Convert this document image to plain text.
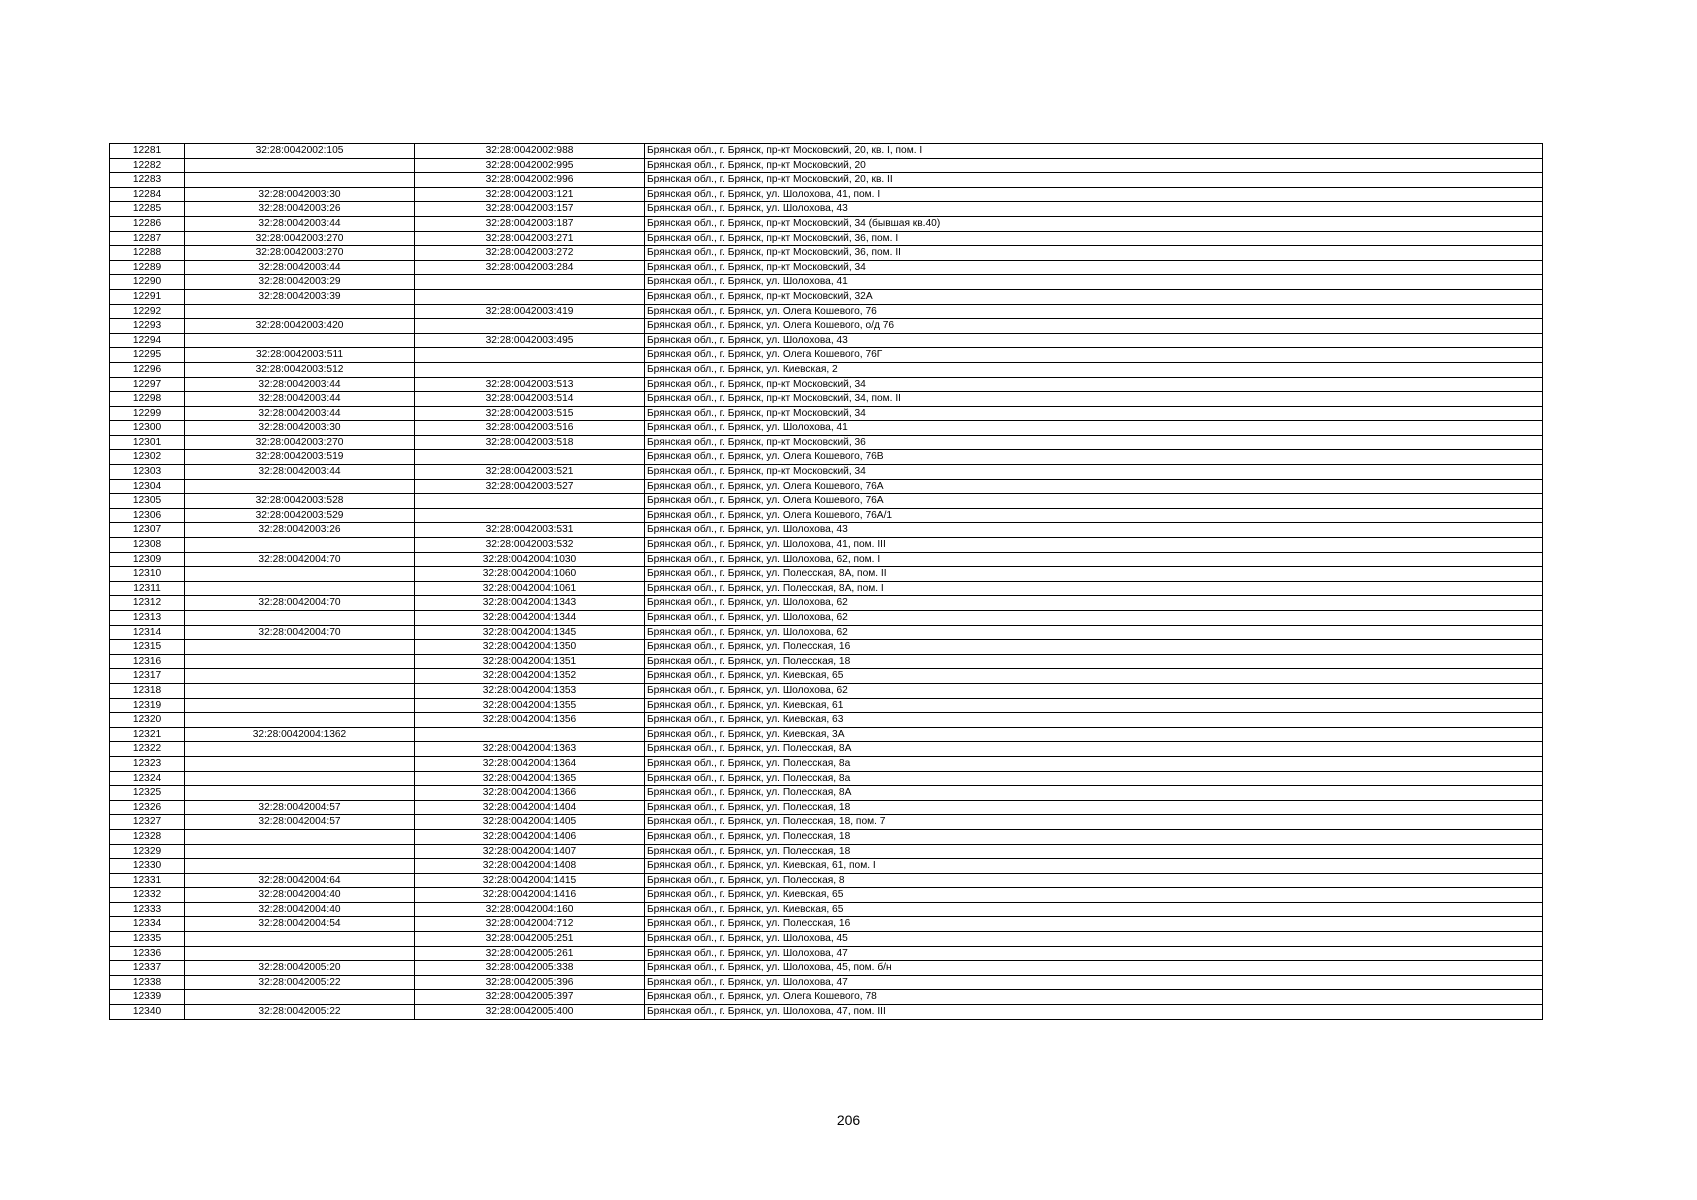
12281	32:28:0042002:105	32:28:0042002:988	Брянская обл., г. Брянск, пр-кт Московский, 20, кв. I, пом. I
12282		32:28:0042002:995	Брянская обл., г. Брянск, пр-кт Московский, 20
12283		32:28:0042002:996	Брянская обл., г. Брянск, пр-кт Московский, 20, кв. II
12284	32:28:0042003:30	32:28:0042003:121	Брянская обл., г. Брянск, ул. Шолохова, 41, пом. I
12285	32:28:0042003:26	32:28:0042003:157	Брянская обл., г. Брянск, ул. Шолохова, 43
12286	32:28:0042003:44	32:28:0042003:187	Брянская обл., г. Брянск, пр-кт Московский, 34 (бывшая кв.40)
12287	32:28:0042003:270	32:28:0042003:271	Брянская обл., г. Брянск, пр-кт Московский, 36, пом. I
12288	32:28:0042003:270	32:28:0042003:272	Брянская обл., г. Брянск, пр-кт Московский, 36, пом. II
12289	32:28:0042003:44	32:28:0042003:284	Брянская обл., г. Брянск, пр-кт Московский, 34
12290	32:28:0042003:29		Брянская обл., г. Брянск, ул. Шолохова, 41
12291	32:28:0042003:39		Брянская обл., г. Брянск, пр-кт Московский, 32А
12292		32:28:0042003:419	Брянская обл., г. Брянск, ул. Олега Кошевого, 76
12293	32:28:0042003:420		Брянская обл., г. Брянск, ул. Олега Кошевого, о/д 76
12294		32:28:0042003:495	Брянская обл., г. Брянск, ул. Шолохова, 43
12295	32:28:0042003:511		Брянская обл., г. Брянск, ул. Олега Кошевого, 76Г
12296	32:28:0042003:512		Брянская обл., г. Брянск, ул. Киевская, 2
12297	32:28:0042003:44	32:28:0042003:513	Брянская обл., г. Брянск, пр-кт Московский, 34
12298	32:28:0042003:44	32:28:0042003:514	Брянская обл., г. Брянск, пр-кт Московский, 34, пом. II
12299	32:28:0042003:44	32:28:0042003:515	Брянская обл., г. Брянск, пр-кт Московский, 34
12300	32:28:0042003:30	32:28:0042003:516	Брянская обл., г. Брянск, ул. Шолохова, 41
12301	32:28:0042003:270	32:28:0042003:518	Брянская обл., г. Брянск, пр-кт Московский, 36
12302	32:28:0042003:519		Брянская обл., г. Брянск, ул. Олега Кошевого, 76В
12303	32:28:0042003:44	32:28:0042003:521	Брянская обл., г. Брянск, пр-кт Московский, 34
12304		32:28:0042003:527	Брянская обл., г. Брянск, ул. Олега Кошевого, 76А
12305	32:28:0042003:528		Брянская обл., г. Брянск, ул. Олега Кошевого, 76А
12306	32:28:0042003:529		Брянская обл., г. Брянск, ул. Олега Кошевого, 76А/1
12307	32:28:0042003:26	32:28:0042003:531	Брянская обл., г. Брянск, ул. Шолохова, 43
12308		32:28:0042003:532	Брянская обл., г. Брянск, ул. Шолохова, 41, пом. III
12309	32:28:0042004:70	32:28:0042004:1030	Брянская обл., г. Брянск, ул. Шолохова, 62, пом. I
12310		32:28:0042004:1060	Брянская обл., г. Брянск, ул. Полесская, 8А, пом. II
12311		32:28:0042004:1061	Брянская обл., г. Брянск, ул. Полесская, 8А, пом. I
12312	32:28:0042004:70	32:28:0042004:1343	Брянская обл., г. Брянск, ул. Шолохова, 62
12313		32:28:0042004:1344	Брянская обл., г. Брянск, ул. Шолохова, 62
12314	32:28:0042004:70	32:28:0042004:1345	Брянская обл., г. Брянск, ул. Шолохова, 62
12315		32:28:0042004:1350	Брянская обл., г. Брянск, ул. Полесская, 16
12316		32:28:0042004:1351	Брянская обл., г. Брянск, ул. Полесская, 18
12317		32:28:0042004:1352	Брянская обл., г. Брянск, ул. Киевская, 65
12318		32:28:0042004:1353	Брянская обл., г. Брянск, ул. Шолохова, 62
12319		32:28:0042004:1355	Брянская обл., г. Брянск, ул. Киевская, 61
12320		32:28:0042004:1356	Брянская обл., г. Брянск, ул. Киевская, 63
12321	32:28:0042004:1362		Брянская обл., г. Брянск, ул. Киевская, 3А
12322		32:28:0042004:1363	Брянская обл., г. Брянск, ул. Полесская, 8А
12323		32:28:0042004:1364	Брянская обл., г. Брянск, ул. Полесская, 8а
12324		32:28:0042004:1365	Брянская обл., г. Брянск, ул. Полесская, 8а
12325		32:28:0042004:1366	Брянская обл., г. Брянск, ул. Полесская, 8А
12326	32:28:0042004:57	32:28:0042004:1404	Брянская обл., г. Брянск, ул. Полесская, 18
12327	32:28:0042004:57	32:28:0042004:1405	Брянская обл., г. Брянск, ул. Полесская, 18, пом. 7
12328		32:28:0042004:1406	Брянская обл., г. Брянск, ул. Полесская, 18
12329		32:28:0042004:1407	Брянская обл., г. Брянск, ул. Полесская, 18
12330		32:28:0042004:1408	Брянская обл., г. Брянск, ул. Киевская, 61, пом. I
12331	32:28:0042004:64	32:28:0042004:1415	Брянская обл., г. Брянск, ул. Полесская, 8
12332	32:28:0042004:40	32:28:0042004:1416	Брянская обл., г. Брянск, ул. Киевская, 65
12333	32:28:0042004:40	32:28:0042004:160	Брянская обл., г. Брянск, ул. Киевская, 65
12334	32:28:0042004:54	32:28:0042004:712	Брянская обл., г. Брянск, ул. Полесская, 16
12335		32:28:0042005:251	Брянская обл., г. Брянск, ул. Шолохова, 45
12336		32:28:0042005:261	Брянская обл., г. Брянск, ул. Шолохова, 47
12337	32:28:0042005:20	32:28:0042005:338	Брянская обл., г. Брянск, ул. Шолохова, 45, пом. б/н
12338	32:28:0042005:22	32:28:0042005:396	Брянская обл., г. Брянск, ул. Шолохова, 47
12339		32:28:0042005:397	Брянская обл., г. Брянск, ул. Олега Кошевого, 78
12340	32:28:0042005:22	32:28:0042005:400	Брянская обл., г. Брянск, ул. Шолохова, 47, пом. III
206
